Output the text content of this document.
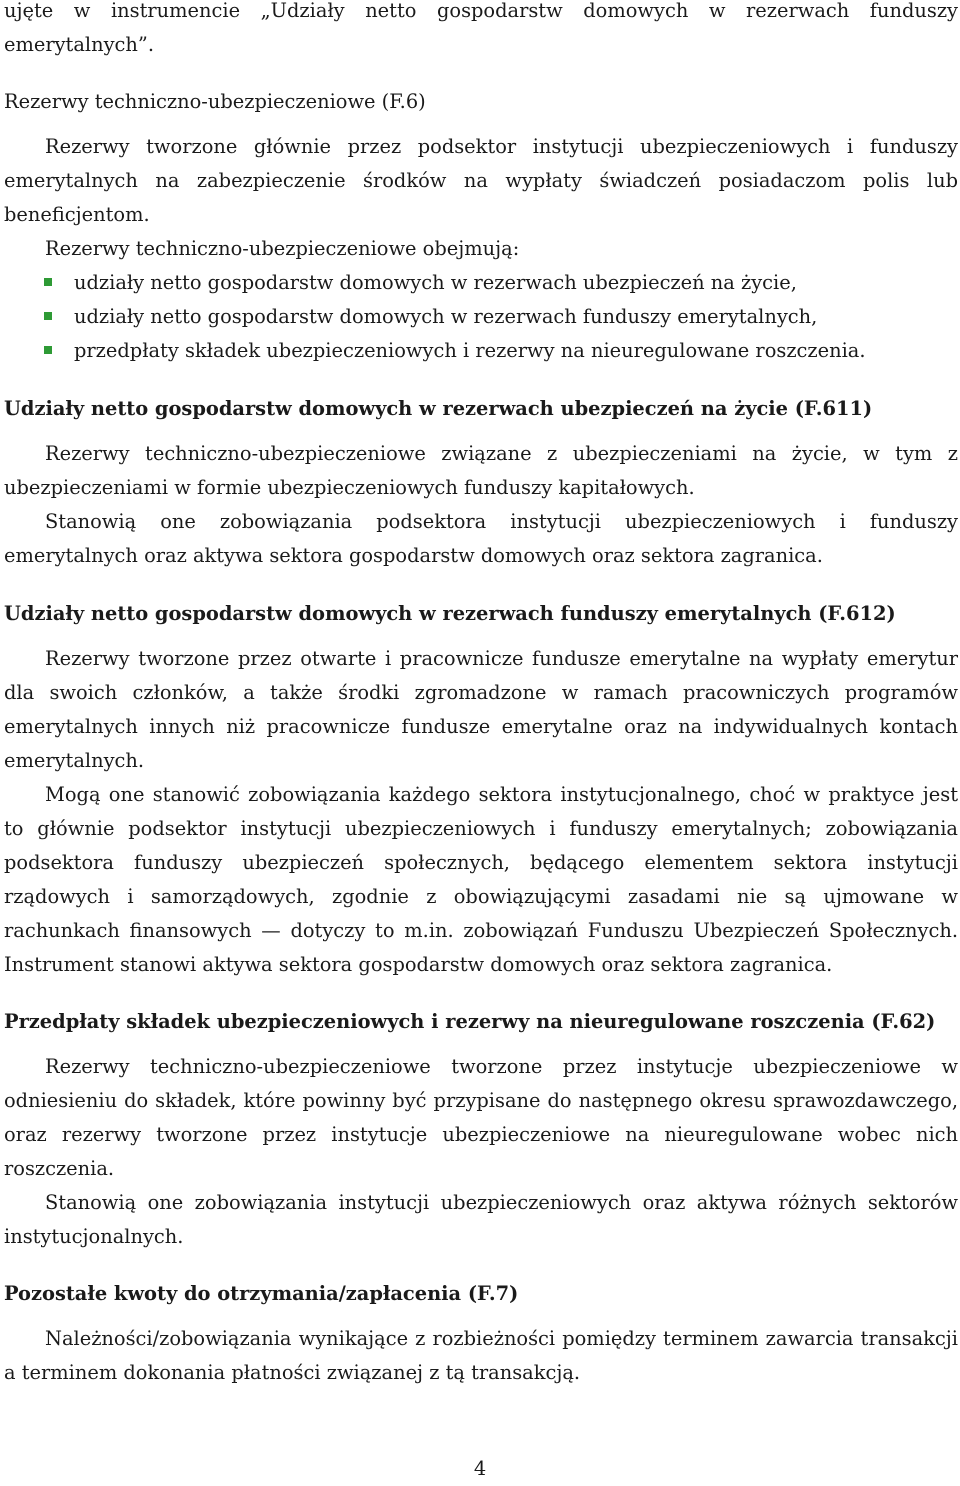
ujęte w instrumencie „Udziały netto gospodarstw domowych w rezerwach funduszy emerytalnych”.

Rezerwy techniczno-ubezpieczeniowe (F.6)

Rezerwy tworzone głównie przez podsektor instytucji ubezpieczeniowych i funduszy emerytalnych na zabezpieczenie środków na wypłaty świadczeń posiadaczom polis lub beneficjentom.

Rezerwy techniczno-ubezpieczeniowe obejmują:

udziały netto gospodarstw domowych w rezerwach ubezpieczeń na życie,
udziały netto gospodarstw domowych w rezerwach funduszy emerytalnych,
przedpłaty składek ubezpieczeniowych i rezerwy na nieuregulowane roszczenia.

Udziały netto gospodarstw domowych w rezerwach ubezpieczeń na życie (F.611)

Rezerwy techniczno-ubezpieczeniowe związane z ubezpieczeniami na życie, w tym z ubezpieczeniami w formie ubezpieczeniowych funduszy kapitałowych.

Stanowią one zobowiązania podsektora instytucji ubezpieczeniowych i funduszy emerytalnych oraz aktywa sektora gospodarstw domowych oraz sektora zagranica.

Udziały netto gospodarstw domowych w rezerwach funduszy emerytalnych (F.612)

Rezerwy tworzone przez otwarte i pracownicze fundusze emerytalne na wypłaty emerytur dla swoich członków, a także środki zgromadzone w ramach pracowniczych programów emerytalnych innych niż pracownicze fundusze emerytalne oraz na indywidualnych kontach emerytalnych.

Mogą one stanowić zobowiązania każdego sektora instytucjonalnego, choć w praktyce jest to głównie podsektor instytucji ubezpieczeniowych i funduszy emerytalnych; zobowiązania podsektora funduszy ubezpieczeń społecznych, będącego elementem sektora instytucji rządowych i samorządowych, zgodnie z obowiązującymi zasadami nie są ujmowane w rachunkach finansowych — dotyczy to m.in. zobowiązań Funduszu Ubezpieczeń Społecznych. Instrument stanowi aktywa sektora gospodarstw domowych oraz sektora zagranica.

Przedpłaty składek ubezpieczeniowych i rezerwy na nieuregulowane roszczenia (F.62)

Rezerwy techniczno-ubezpieczeniowe tworzone przez instytucje ubezpieczeniowe w odniesieniu do składek, które powinny być przypisane do następnego okresu sprawozdawczego, oraz rezerwy tworzone przez instytucje ubezpieczeniowe na nieuregulowane wobec nich roszczenia.

Stanowią one zobowiązania instytucji ubezpieczeniowych oraz aktywa różnych sektorów instytucjonalnych.

Pozostałe kwoty do otrzymania/zapłacenia (F.7)

Należności/zobowiązania wynikające z rozbieżności pomiędzy terminem zawarcia transakcji a terminem dokonania płatności związanej z tą transakcją.

4
